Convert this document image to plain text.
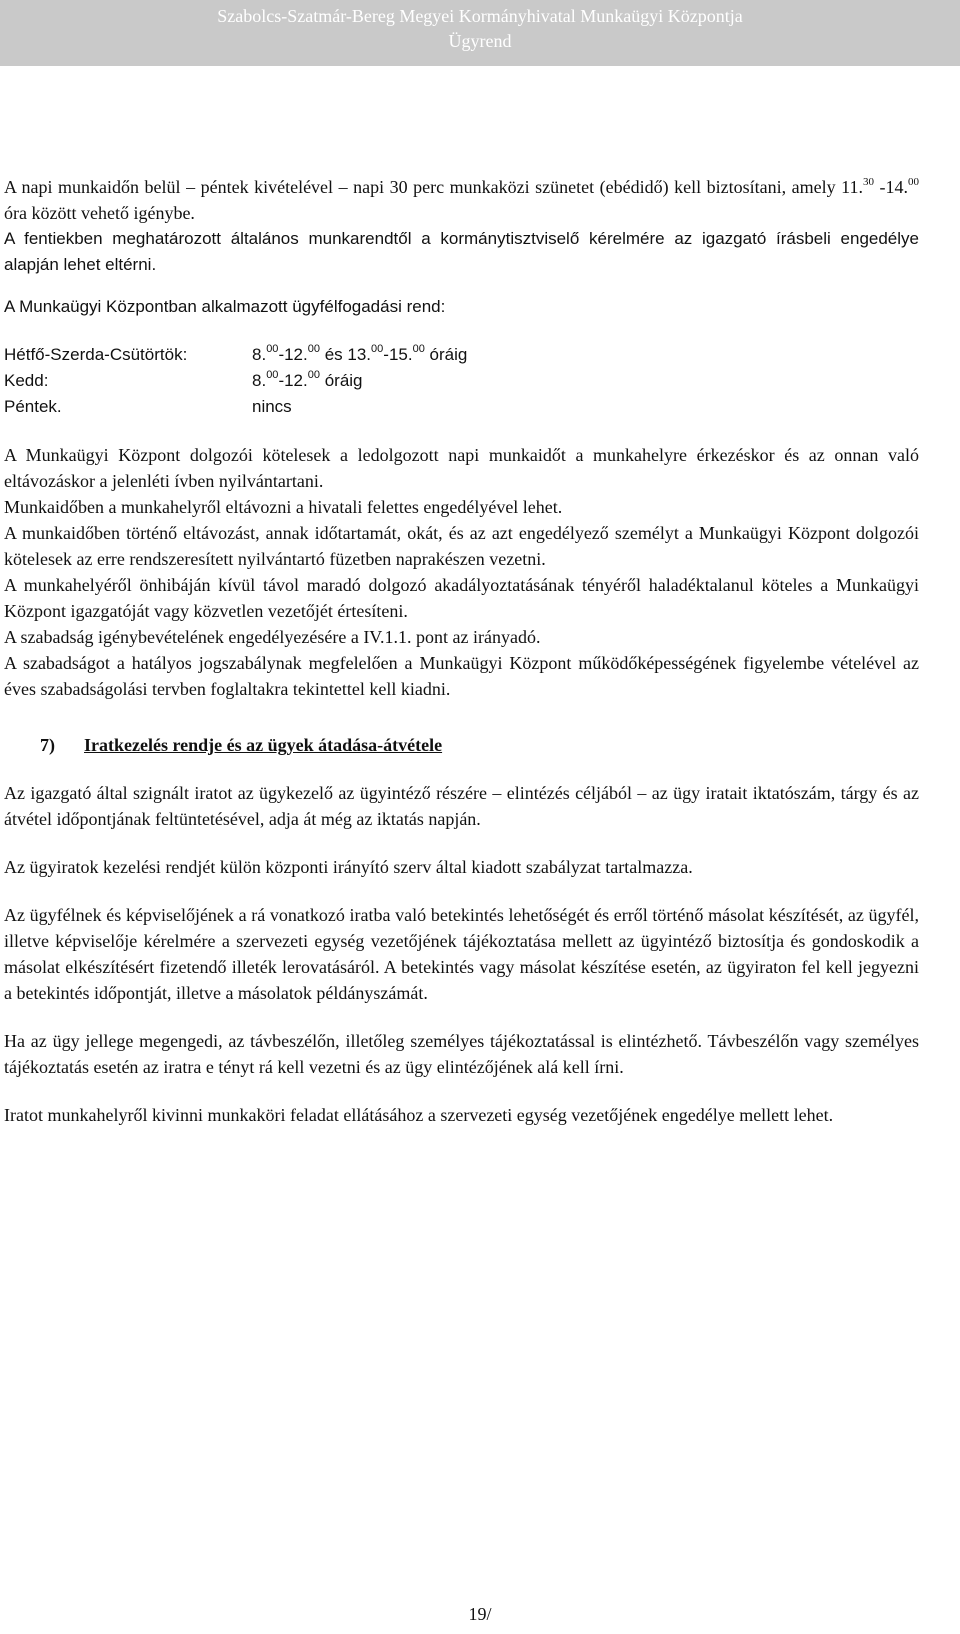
Szabolcs-Szatmár-Bereg Megyei Kormányhivatal Munkaügyi Központja
Ügyrend

A napi munkaidőn belül – péntek kivételével – napi 30 perc munkaközi szünetet (ebédidő) kell biztosítani, amely 11.30 -14.00 óra között vehető igénybe.

A fentiekben meghatározott általános munkarendtől a kormánytisztviselő kérelmére az igazgató írásbeli engedélye alapján lehet eltérni.

A Munkaügyi Központban alkalmazott ügyfélfogadási rend:

Hétfő-Szerda-Csütörtök:	8.00-12.00 és 13.00-15.00 óráig
Kedd:	8.00-12.00 óráig
Péntek.	nincs

A Munkaügyi Központ dolgozói kötelesek a ledolgozott napi munkaidőt a munkahelyre érkezéskor és az onnan való eltávozáskor a jelenléti ívben nyilvántartani.

Munkaidőben a munkahelyről eltávozni a hivatali felettes engedélyével lehet.

A munkaidőben történő eltávozást, annak időtartamát, okát, és az azt engedélyező személyt a Munkaügyi Központ dolgozói kötelesek az erre rendszeresített nyilvántartó füzetben naprakészen vezetni.

A munkahelyéről önhibáján kívül távol maradó dolgozó akadályoztatásának tényéről haladéktalanul köteles a Munkaügyi Központ igazgatóját vagy közvetlen vezetőjét értesíteni.

A szabadság igénybevételének engedélyezésére a IV.1.1. pont az irányadó.

A szabadságot a hatályos jogszabálynak megfelelően a Munkaügyi Központ működőképességének figyelembe vételével az éves szabadságolási tervben foglaltakra tekintettel kell kiadni.

7) Iratkezelés rendje és az ügyek átadása-átvétele

Az igazgató által szignált iratot az ügykezelő az ügyintéző részére – elintézés céljából – az ügy iratait iktatószám, tárgy és az átvétel időpontjának feltüntetésével, adja át még az iktatás napján.

Az ügyiratok kezelési rendjét külön központi irányító szerv által kiadott szabályzat tartalmazza.

Az ügyfélnek és képviselőjének a rá vonatkozó iratba való betekintés lehetőségét és erről történő másolat készítését, az ügyfél, illetve képviselője kérelmére a szervezeti egység vezetőjének tájékoztatása mellett az ügyintéző biztosítja és gondoskodik a másolat elkészítésért fizetendő illeték lerovatásáról. A betekintés vagy másolat készítése esetén, az ügyiraton fel kell jegyezni a betekintés időpontját, illetve a másolatok példányszámát.

Ha az ügy jellege megengedi, az távbeszélőn, illetőleg személyes tájékoztatással is elintézhető. Távbeszélőn vagy személyes tájékoztatás esetén az iratra e tényt rá kell vezetni és az ügy elintézőjének alá kell írni.

Iratot munkahelyről kivinni munkaköri feladat ellátásához a szervezeti egység vezetőjének engedélye mellett lehet.

19/
